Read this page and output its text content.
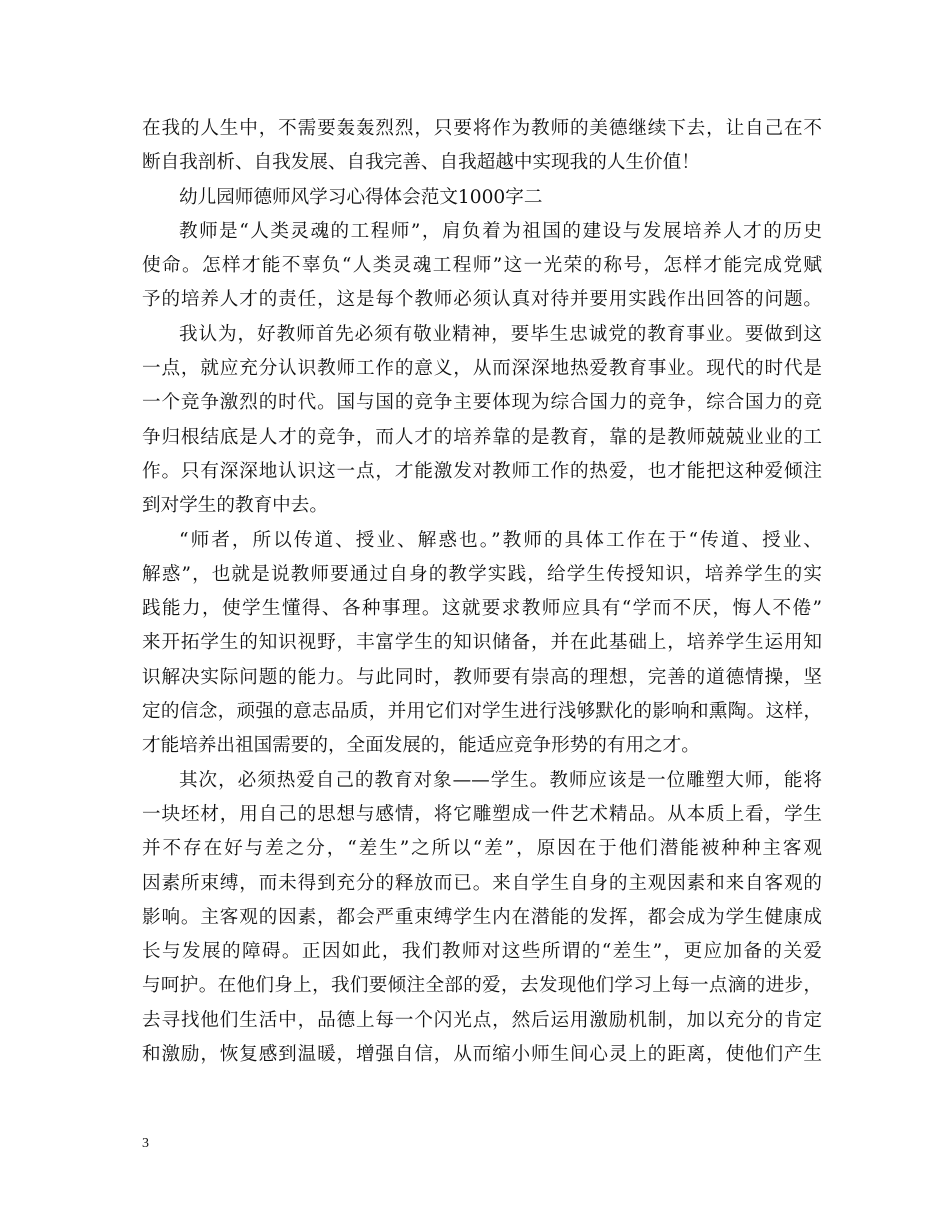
在我的人生中，不需要轰轰烈烈，只要将作为教师的美德继续下去，让自己在不
断自我剖析、自我发展、自我完善、自我超越中实现我的人生价值！
幼儿园师德师风学习心得体会范文1000字二
教师是“人类灵魂的工程师”，肩负着为祖国的建设与发展培养人才的历史
使命。怎样才能不辜负“人类灵魂工程师”这一光荣的称号，怎样才能完成党赋
予的培养人才的责任，这是每个教师必须认真对待并要用实践作出回答的问题。
我认为，好教师首先必须有敬业精神，要毕生忠诚党的教育事业。要做到这
一点，就应充分认识教师工作的意义，从而深深地热爱教育事业。现代的时代是
一个竞争激烈的时代。国与国的竞争主要体现为综合国力的竞争，综合国力的竞
争归根结底是人才的竞争，而人才的培养靠的是教育，靠的是教师兢兢业业的工
作。只有深深地认识这一点，才能激发对教师工作的热爱，也才能把这种爱倾注
到对学生的教育中去。
“师者，所以传道、授业、解惑也。”教师的具体工作在于“传道、授业、
解惑”，也就是说教师要通过自身的教学实践，给学生传授知识，培养学生的实
践能力，使学生懂得、各种事理。这就要求教师应具有“学而不厌，悔人不倦”
来开拓学生的知识视野，丰富学生的知识储备，并在此基础上，培养学生运用知
识解决实际问题的能力。与此同时，教师要有崇高的理想，完善的道德情操，坚
定的信念，顽强的意志品质，并用它们对学生进行浅够默化的影响和熏陶。这样，
才能培养出祖国需要的，全面发展的，能适应竞争形势的有用之才。
其次，必须热爱自己的教育对象——学生。教师应该是一位雕塑大师，能将
一块坯材，用自己的思想与感情，将它雕塑成一件艺术精品。从本质上看，学生
并不存在好与差之分，“差生”之所以“差”，原因在于他们潜能被种种主客观
因素所束缚，而未得到充分的释放而已。来自学生自身的主观因素和来自客观的
影响。主客观的因素，都会严重束缚学生内在潜能的发挥，都会成为学生健康成
长与发展的障碍。正因如此，我们教师对这些所谓的“差生”，更应加备的关爱
与呵护。在他们身上，我们要倾注全部的爱，去发现他们学习上每一点滴的进步，
去寻找他们生活中，品德上每一个闪光点，然后运用激励机制，加以充分的肯定
和激励，恢复感到温暖，增强自信，从而缩小师生间心灵上的距离，使他们产生
3
